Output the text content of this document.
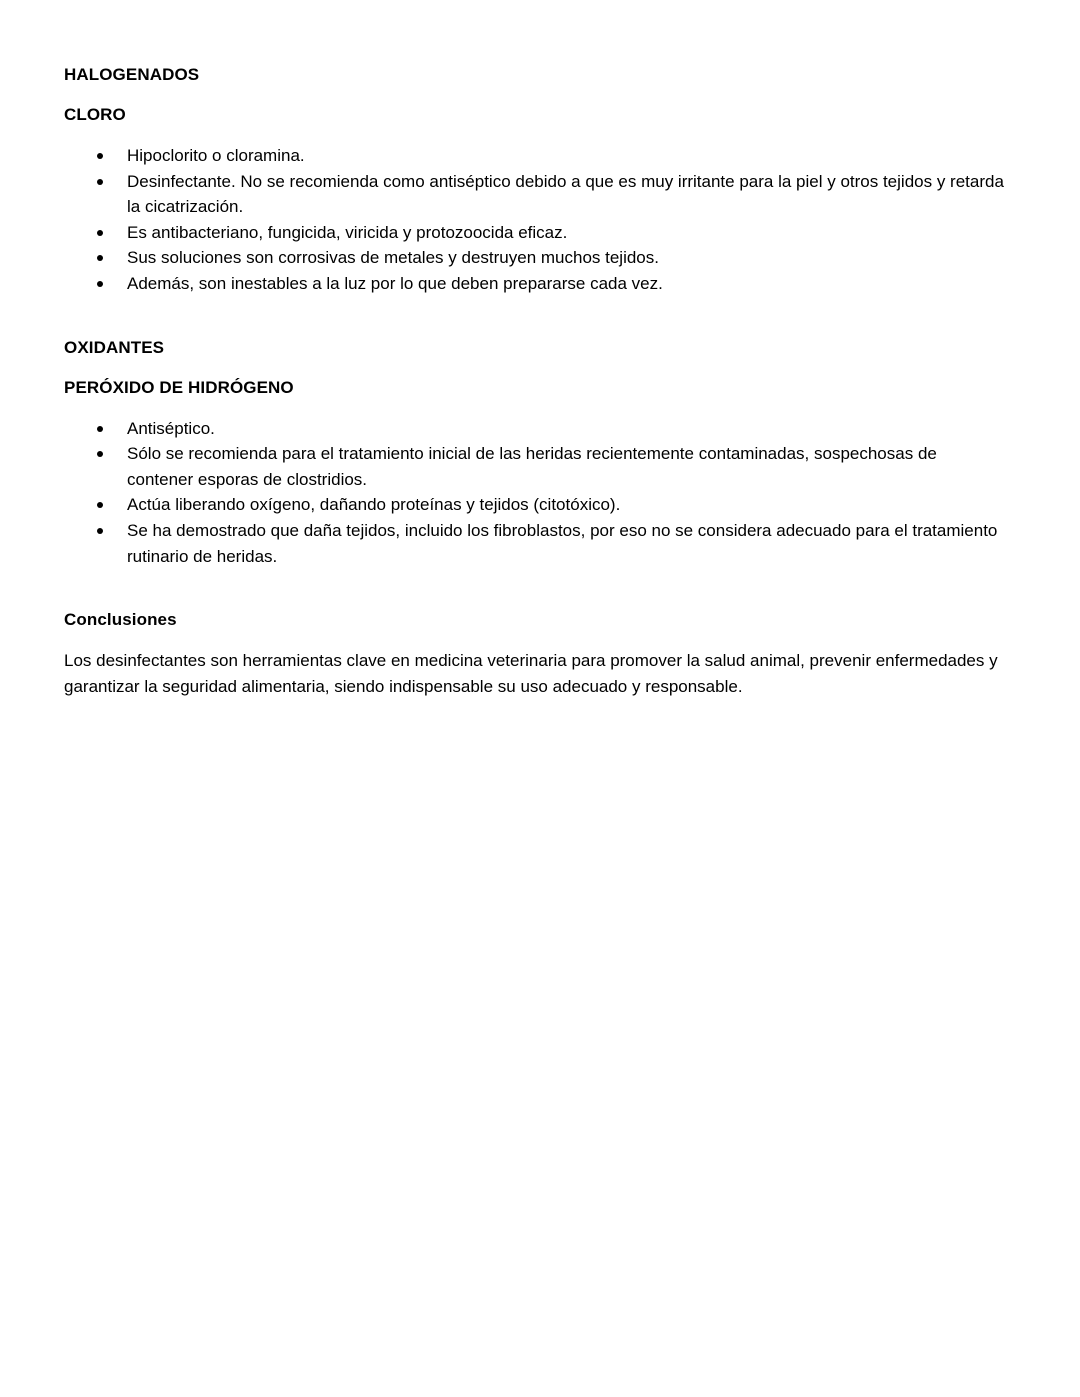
HALOGENADOS
CLORO
Hipoclorito o cloramina.
Desinfectante. No se recomienda como antiséptico debido a que es muy irritante para la piel y otros tejidos y retarda la cicatrización.
Es antibacteriano, fungicida, viricida y protozoocida eficaz.
Sus soluciones son corrosivas de metales y destruyen muchos tejidos.
Además, son inestables a la luz por lo que deben prepararse cada vez.
OXIDANTES
PERÓXIDO DE HIDRÓGENO
Antiséptico.
Sólo se recomienda para el tratamiento inicial de las heridas recientemente contaminadas, sospechosas de contener esporas de clostridios.
Actúa liberando oxígeno, dañando proteínas y tejidos (citotóxico).
Se ha demostrado que daña tejidos, incluido los fibroblastos, por eso no se considera adecuado para el tratamiento rutinario de heridas.
Conclusiones

Los desinfectantes son herramientas clave en medicina veterinaria para promover la salud animal, prevenir enfermedades y garantizar la seguridad alimentaria, siendo indispensable su uso adecuado y responsable.
